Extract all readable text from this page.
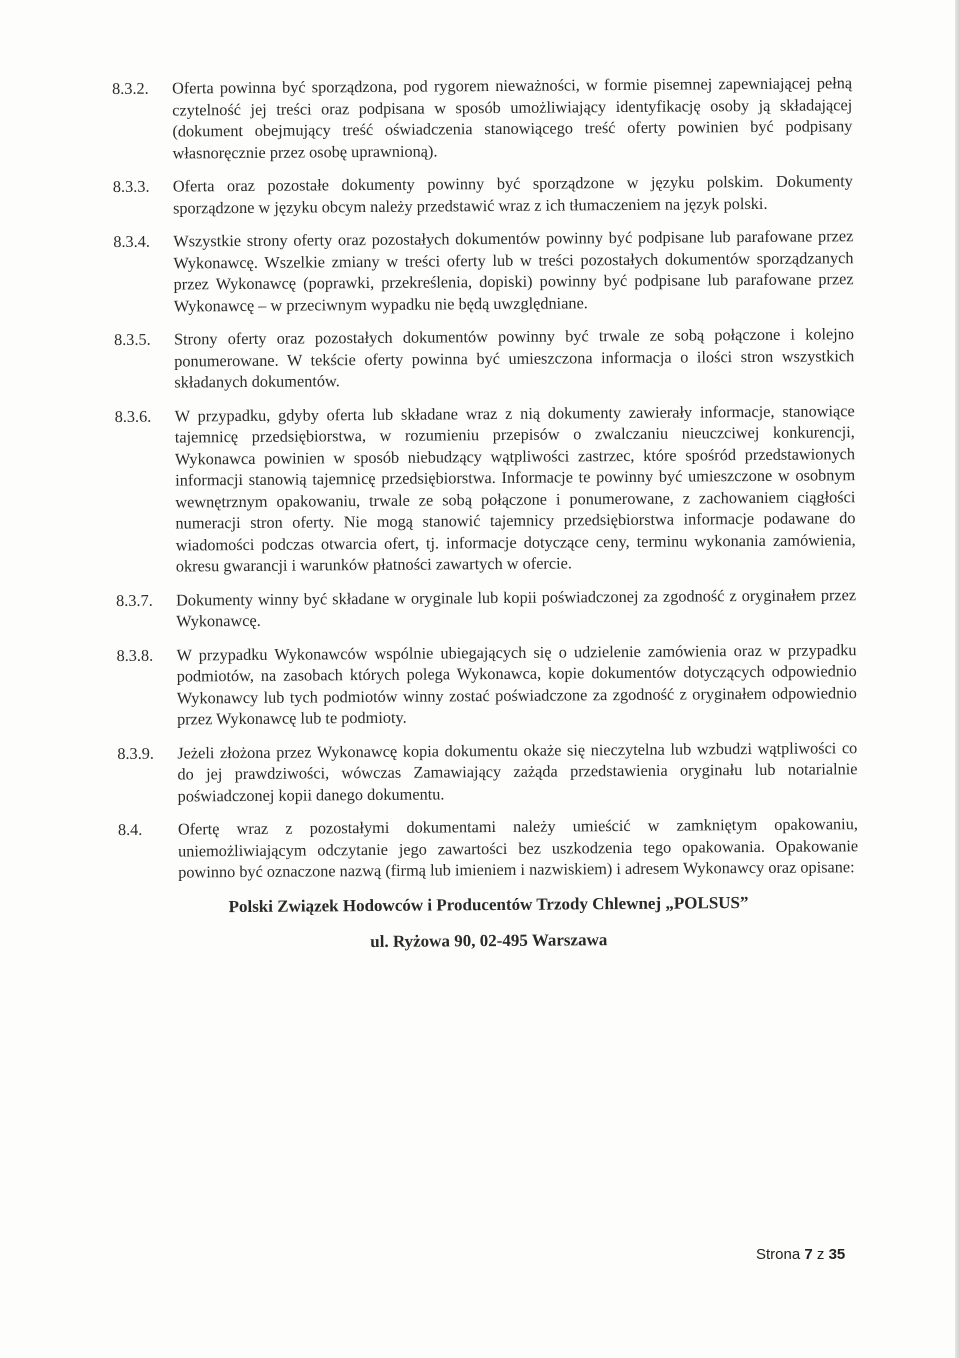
8.3.2.	Oferta powinna być sporządzona, pod rygorem nieważności, w formie pisemnej zapewniającej pełną czytelność jej treści oraz podpisana w sposób umożliwiający identyfikację osoby ją składającej (dokument obejmujący treść oświadczenia stanowiącego treść oferty powinien być podpisany własnoręcznie przez osobę uprawnioną).

8.3.3.	Oferta oraz pozostałe dokumenty powinny być sporządzone w języku polskim. Dokumenty sporządzone w języku obcym należy przedstawić wraz z ich tłumaczeniem na język polski.

8.3.4.	Wszystkie strony oferty oraz pozostałych dokumentów powinny być podpisane lub parafowane przez Wykonawcę. Wszelkie zmiany w treści oferty lub w treści pozostałych dokumentów sporządzanych przez Wykonawcę (poprawki, przekreślenia, dopiski) powinny być podpisane lub parafowane przez Wykonawcę – w przeciwnym wypadku nie będą uwzględniane.

8.3.5.	Strony oferty oraz pozostałych dokumentów powinny być trwale ze sobą połączone i kolejno ponumerowane. W tekście oferty powinna być umieszczona informacja o ilości stron wszystkich składanych dokumentów.

8.3.6.	W przypadku, gdyby oferta lub składane wraz z nią dokumenty zawierały informacje, stanowiące tajemnicę przedsiębiorstwa, w rozumieniu przepisów o zwalczaniu nieuczciwej konkurencji, Wykonawca powinien w sposób niebudzący wątpliwości zastrzec, które spośród przedstawionych informacji stanowią tajemnicę przedsiębiorstwa. Informacje te powinny być umieszczone w osobnym wewnętrznym opakowaniu, trwale ze sobą połączone i ponumerowane, z zachowaniem ciągłości numeracji stron oferty. Nie mogą stanowić tajemnicy przedsiębiorstwa informacje podawane do wiadomości podczas otwarcia ofert, tj. informacje dotyczące ceny, terminu wykonania zamówienia, okresu gwarancji i warunków płatności zawartych w ofercie.

8.3.7.	Dokumenty winny być składane w oryginale lub kopii poświadczonej za zgodność z oryginałem przez Wykonawcę.

8.3.8.	W przypadku Wykonawców wspólnie ubiegających się o udzielenie zamówienia oraz w przypadku podmiotów, na zasobach których polega Wykonawca, kopie dokumentów dotyczących odpowiednio Wykonawcy lub tych podmiotów winny zostać poświadczone za zgodność z oryginałem odpowiednio przez Wykonawcę lub te podmioty.

8.3.9.	Jeżeli złożona przez Wykonawcę kopia dokumentu okaże się nieczytelna lub wzbudzi wątpliwości co do jej prawdziwości, wówczas Zamawiający zażąda przedstawienia oryginału lub notarialnie poświadczonej kopii danego dokumentu.

8.4.	Ofertę wraz z pozostałymi dokumentami należy umieścić w zamkniętym opakowaniu, uniemożliwiającym odczytanie jego zawartości bez uszkodzenia tego opakowania. Opakowanie powinno być oznaczone nazwą (firmą lub imieniem i nazwiskiem) i adresem Wykonawcy oraz opisane:

Polski Związek Hodowców i Producentów Trzody Chlewnej „POLSUS”
ul. Ryżowa 90, 02-495 Warszawa
Strona 7 z 35
